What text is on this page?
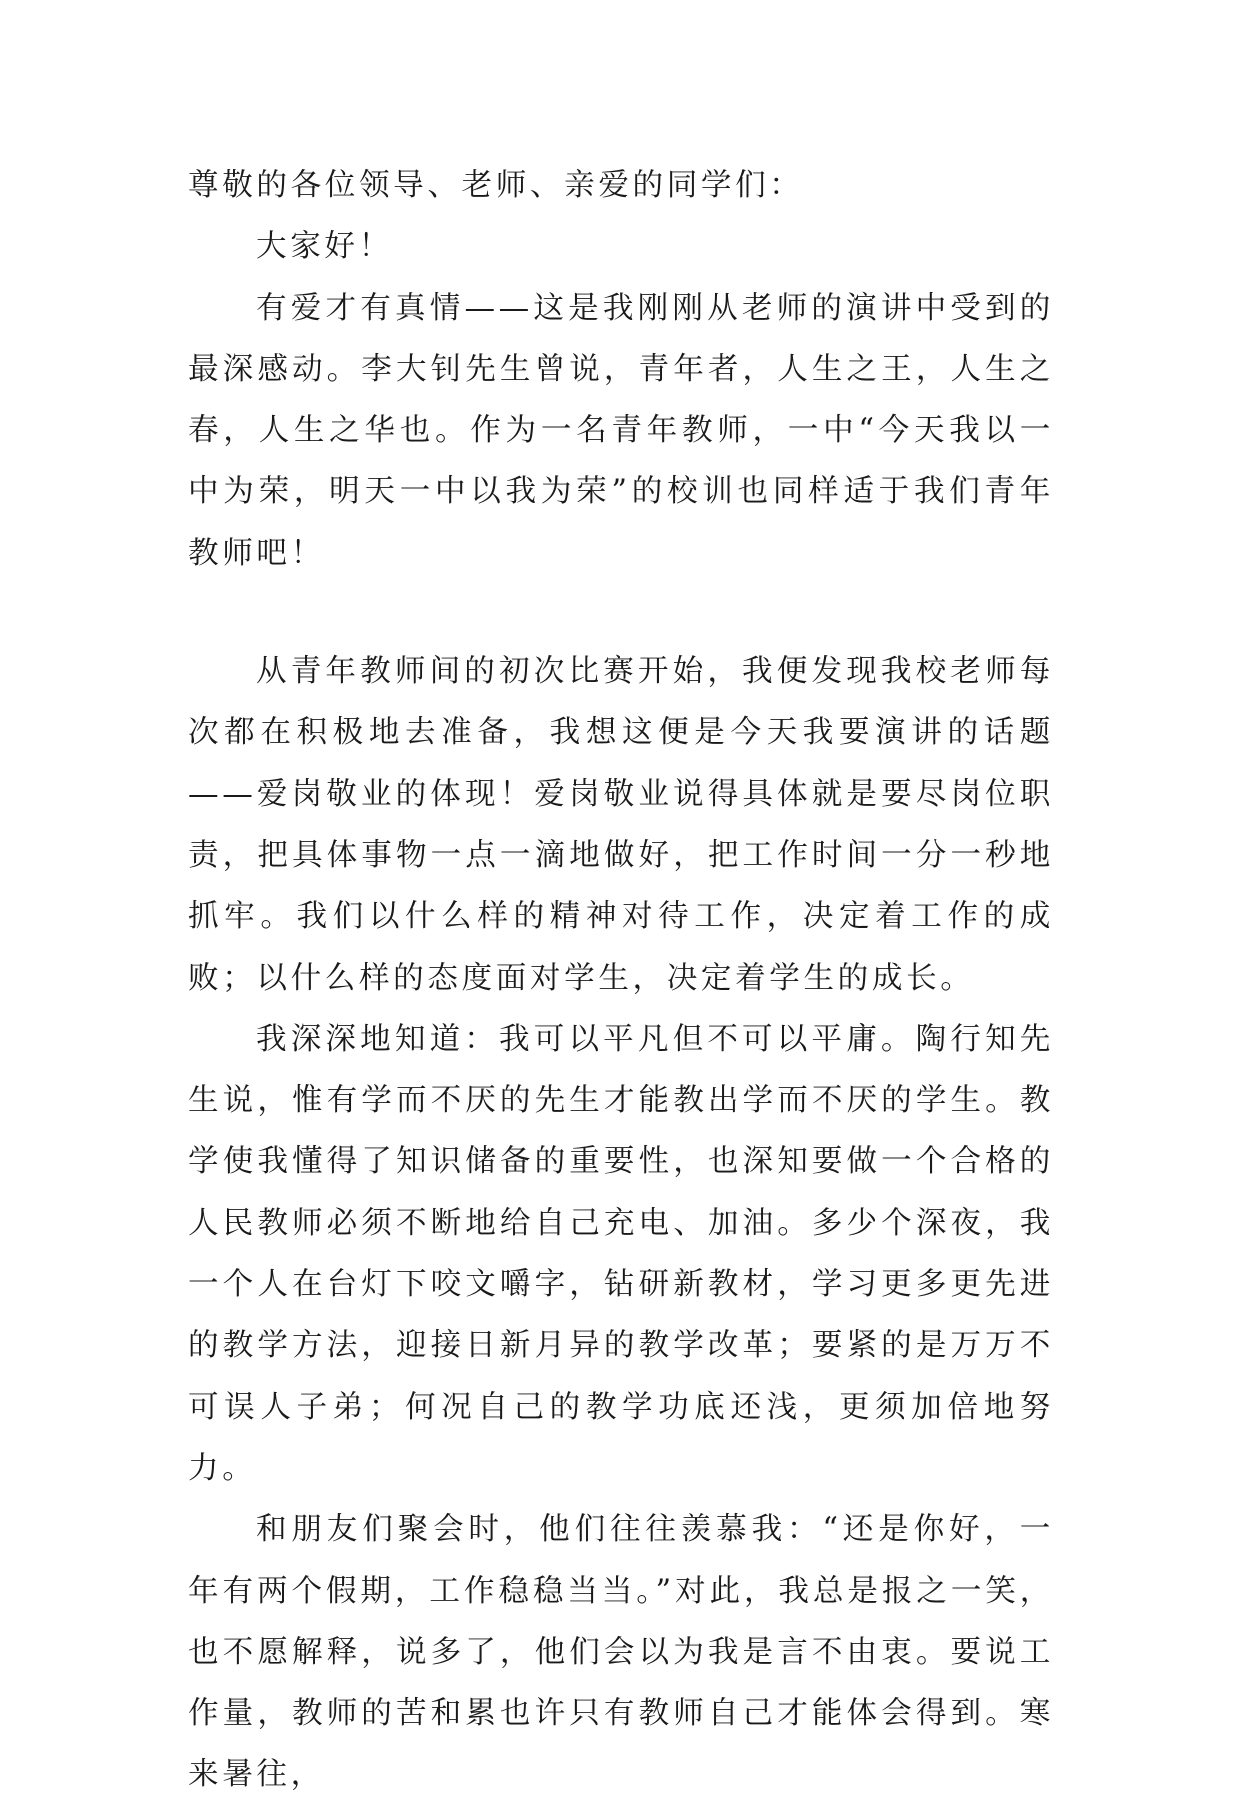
尊敬的各位领导、老师、亲爱的同学们：

大家好！

有爱才有真情——这是我刚刚从老师的演讲中受到的最深感动。李大钊先生曾说，青年者，人生之王，人生之春，人生之华也。作为一名青年教师，一中“今天我以一中为荣，明天一中以我为荣”的校训也同样适于我们青年教师吧！

从青年教师间的初次比赛开始，我便发现我校老师每次都在积极地去准备，我想这便是今天我要演讲的话题——爱岗敬业的体现！爱岗敬业说得具体就是要尽岗位职责，把具体事物一点一滴地做好，把工作时间一分一秒地抓牢。我们以什么样的精神对待工作，决定着工作的成败；以什么样的态度面对学生，决定着学生的成长。

我深深地知道：我可以平凡但不可以平庸。陶行知先生说，惟有学而不厌的先生才能教出学而不厌的学生。教学使我懂得了知识储备的重要性，也深知要做一个合格的人民教师必须不断地给自己充电、加油。多少个深夜，我一个人在台灯下咬文嚼字，钻研新教材，学习更多更先进的教学方法，迎接日新月异的教学改革；要紧的是万万不可误人子弟；何况自己的教学功底还浅，更须加倍地努力。

和朋友们聚会时，他们往往羡慕我：“还是你好，一年有两个假期，工作稳稳当当。”对此，我总是报之一笑，也不愿解释，说多了，他们会以为我是言不由衷。要说工作量，教师的苦和累也许只有教师自己才能体会得到。寒来暑往，
